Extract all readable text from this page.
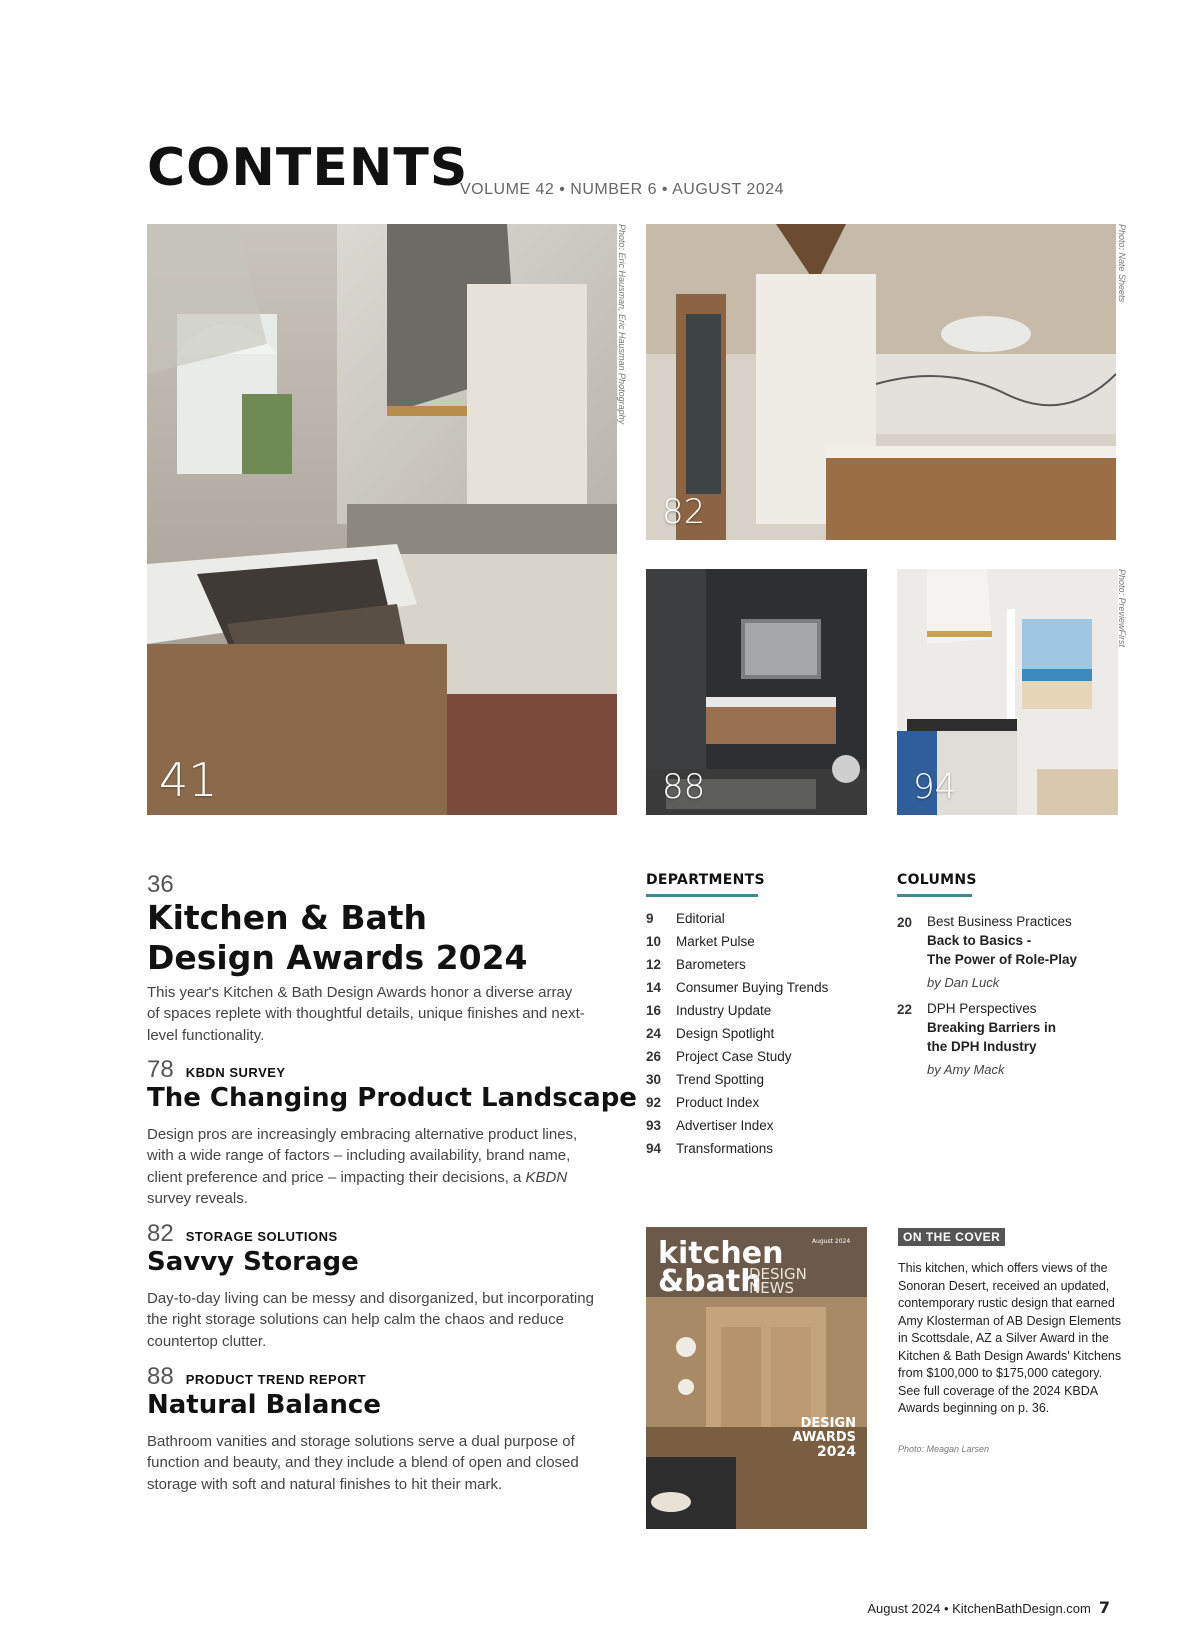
CONTENTS
VOLUME 42 • NUMBER 6 • AUGUST 2024
41
Photo: Eric Hausman, Eric Hausman Photography
82
Photo: Nate Sheets
88	94
Photo: PreviewFirst
36
Kitchen & Bath
Design Awards 2024
This year's Kitchen & Bath Design Awards honor a diverse array of spaces replete with thoughtful details, unique finishes and next-level functionality.
78 KBDN SURVEY
The Changing Product Landscape
Design pros are increasingly embracing alternative product lines, with a wide range of factors – including availability, brand name, client preference and price – impacting their decisions, a KBDN survey reveals.
82 STORAGE SOLUTIONS
Savvy Storage
Day-to-day living can be messy and disorganized, but incorporating the right storage solutions can help calm the chaos and reduce countertop clutter.
88 PRODUCT TREND REPORT
Natural Balance
Bathroom vanities and storage solutions serve a dual purpose of function and beauty, and they include a blend of open and closed storage with soft and natural finishes to hit their mark.
DEPARTMENTS
9 Editorial
10 Market Pulse
12 Barometers
14 Consumer Buying Trends
16 Industry Update
24 Design Spotlight
26 Project Case Study
30 Trend Spotting
92 Product Index
93 Advertiser Index
94 Transformations
COLUMNS
20 Best Business Practices
Back to Basics -
The Power of Role-Play
by Dan Luck
22 DPH Perspectives
Breaking Barriers in
the DPH Industry
by Amy Mack
kitchen
&bath
DESIGN
NEWS
August 2024
DESIGN
AWARDS
2024
ON THE COVER
This kitchen, which offers views of the Sonoran Desert, received an updated, contemporary rustic design that earned Amy Klosterman of AB Design Elements in Scottsdale, AZ a Silver Award in the Kitchen & Bath Design Awards' Kitchens from $100,000 to $175,000 category. See full coverage of the 2024 KBDA Awards beginning on p. 36.
Photo: Meagan Larsen
August 2024 • KitchenBathDesign.com 7
